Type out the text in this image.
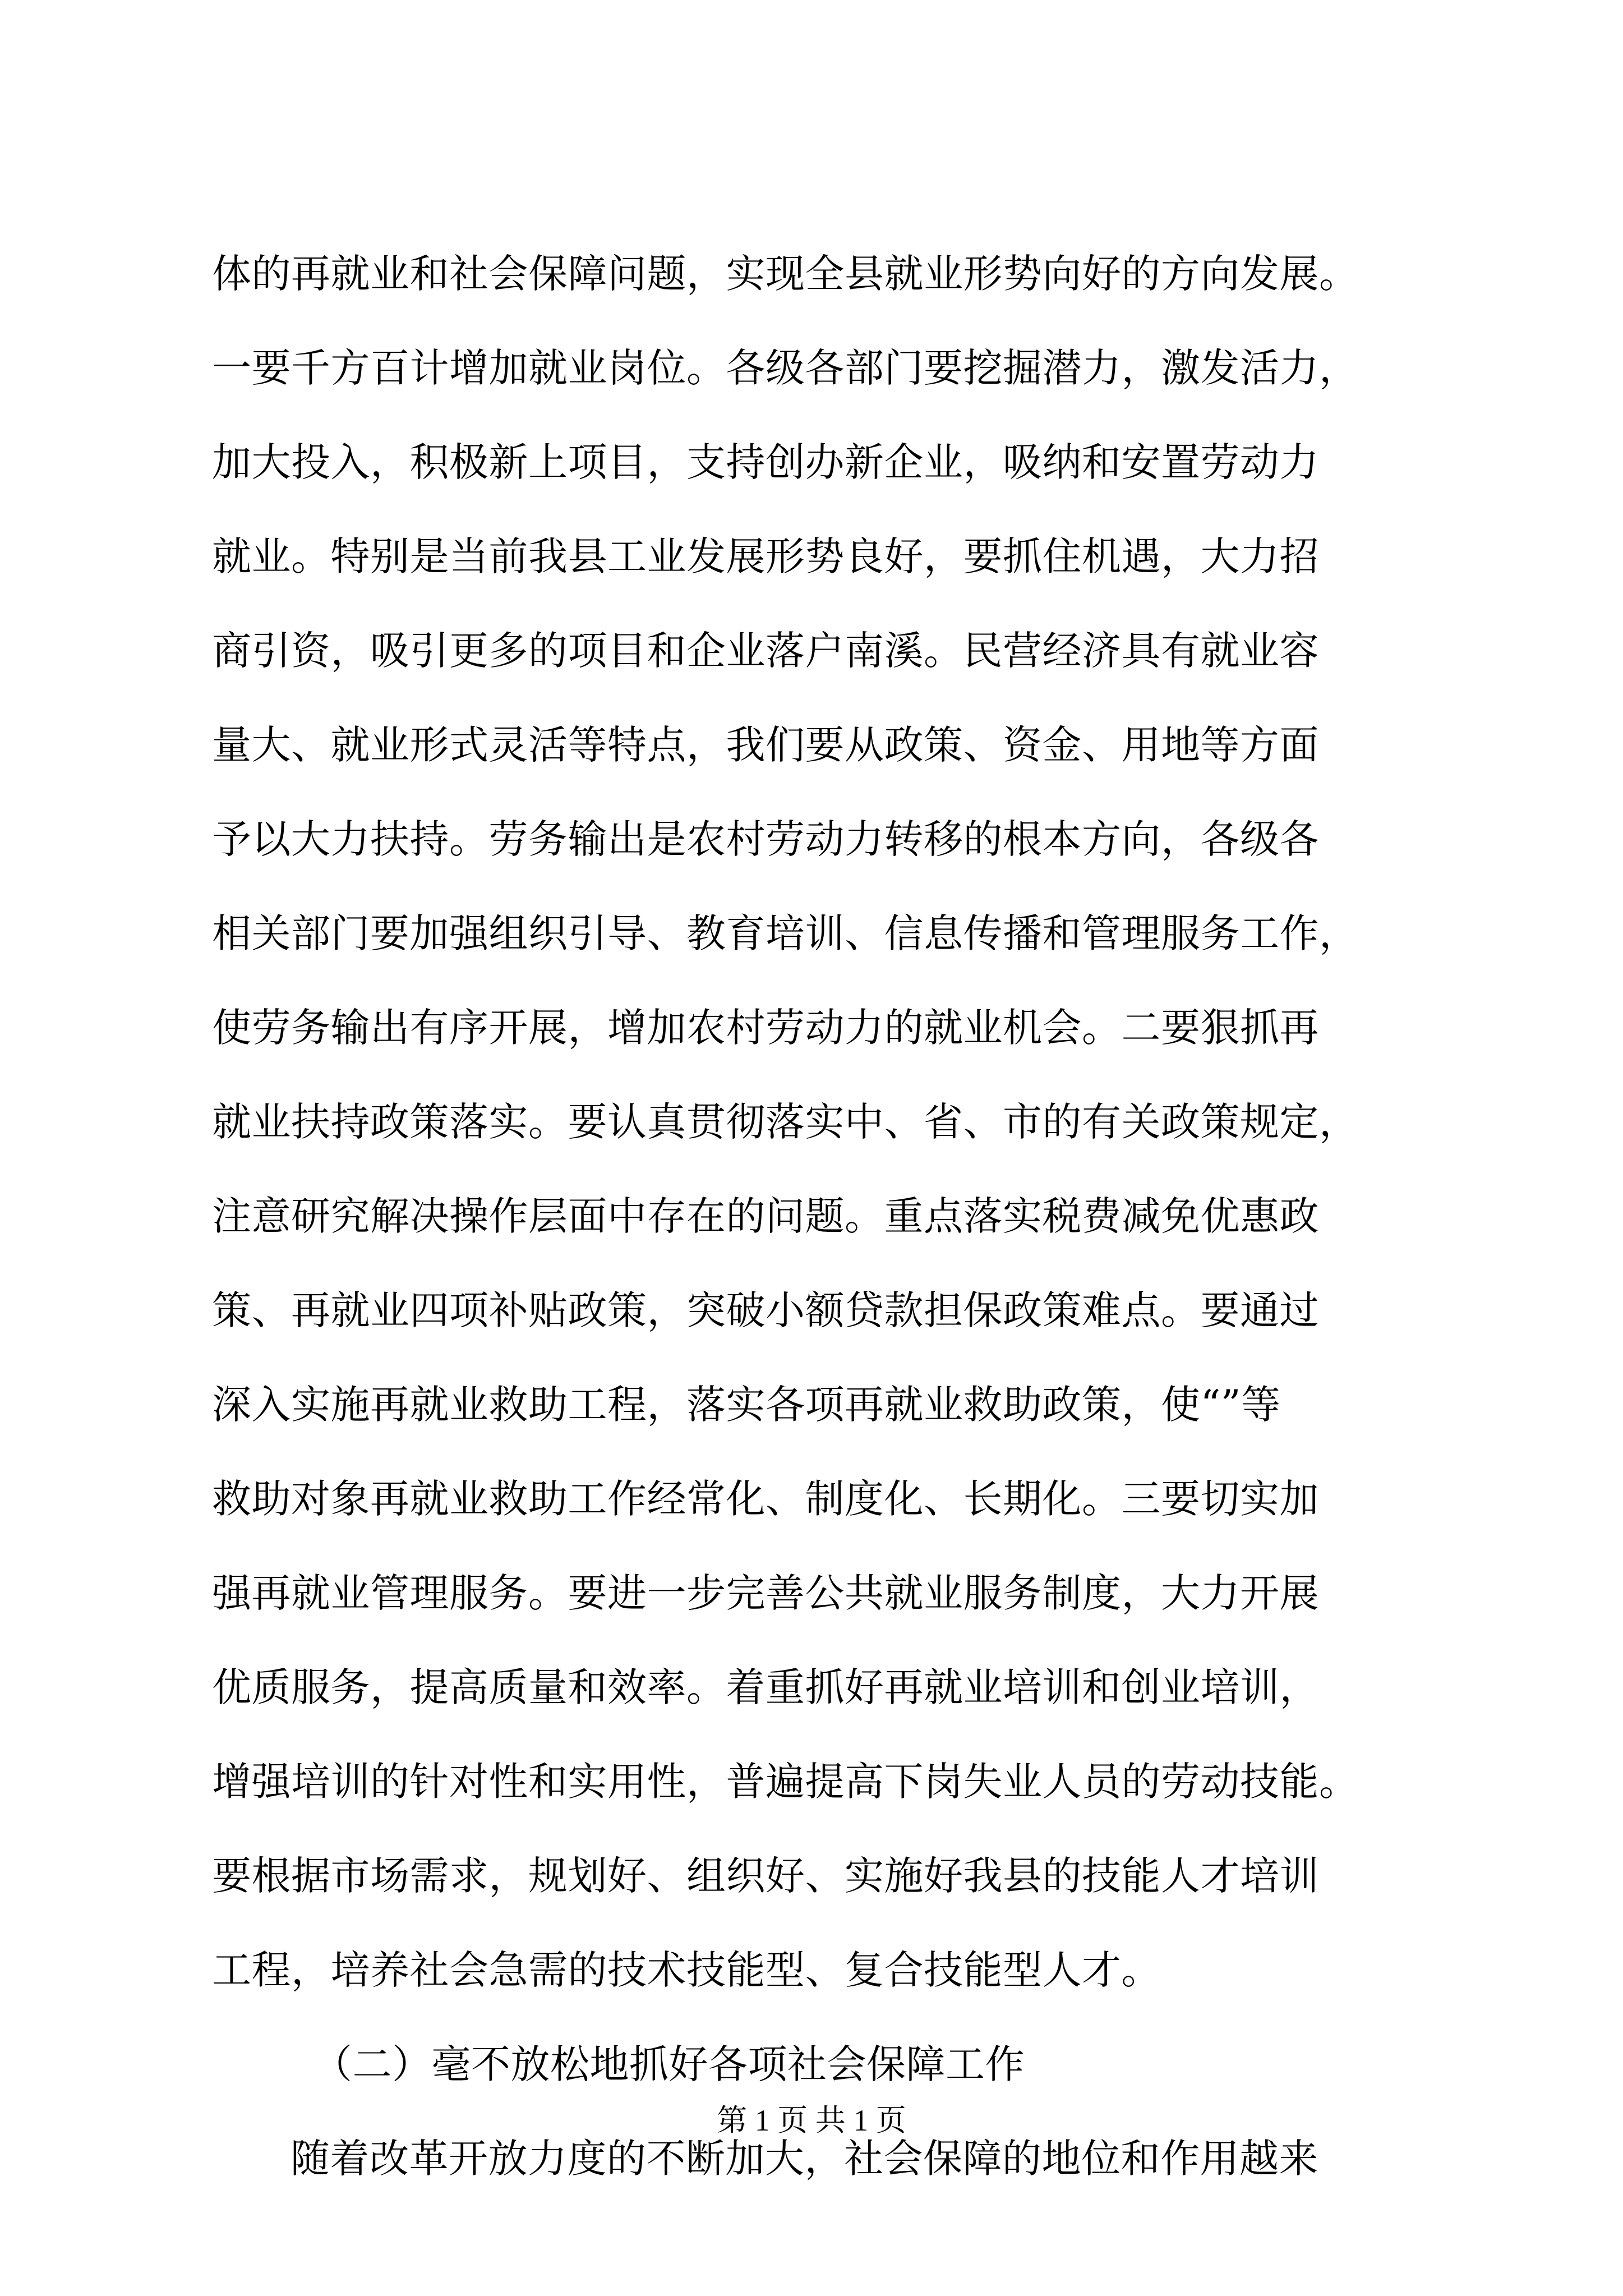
体的再就业和社会保障问题，实现全县就业形势向好的方向发展。
一要千方百计增加就业岗位。各级各部门要挖掘潜力，激发活力，
加大投入，积极新上项目，支持创办新企业，吸纳和安置劳动力
就业。特别是当前我县工业发展形势良好，要抓住机遇，大力招
商引资，吸引更多的项目和企业落户南溪。民营经济具有就业容
量大、就业形式灵活等特点，我们要从政策、资金、用地等方面
予以大力扶持。劳务输出是农村劳动力转移的根本方向，各级各
相关部门要加强组织引导、教育培训、信息传播和管理服务工作，
使劳务输出有序开展，增加农村劳动力的就业机会。二要狠抓再
就业扶持政策落实。要认真贯彻落实中、省、市的有关政策规定，
注意研究解决操作层面中存在的问题。重点落实税费减免优惠政
策、再就业四项补贴政策，突破小额贷款担保政策难点。要通过
深入实施再就业救助工程，落实各项再就业救助政策，使“”等
救助对象再就业救助工作经常化、制度化、长期化。三要切实加
强再就业管理服务。要进一步完善公共就业服务制度，大力开展
优质服务，提高质量和效率。着重抓好再就业培训和创业培训，
增强培训的针对性和实用性，普遍提高下岗失业人员的劳动技能。
要根据市场需求，规划好、组织好、实施好我县的技能人才培训
工程，培养社会急需的技术技能型、复合技能型人才。
（二）毫不放松地抓好各项社会保障工作
随着改革开放力度的不断加大，社会保障的地位和作用越来
第 1 页 共 1 页
